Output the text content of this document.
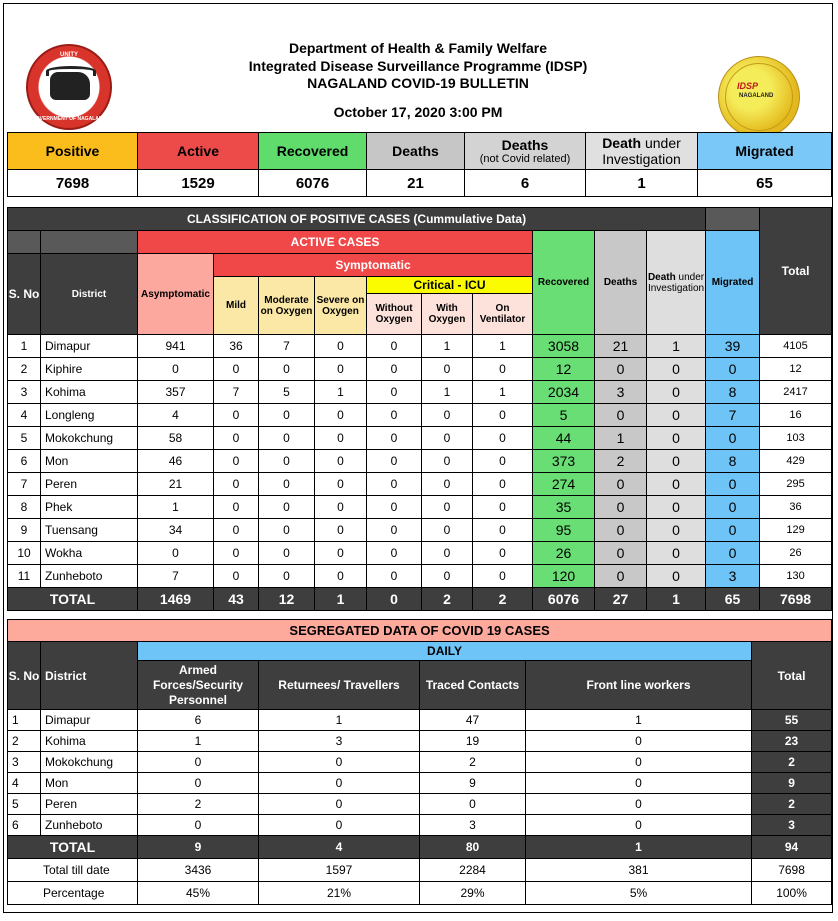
UNITY
GOVERNMENT OF NAGALAND
Department of Health & Family Welfare
Integrated Disease Surveillance Programme (IDSP)
NAGALAND COVID-19 BULLETIN
October 17, 2020 3:00 PM
IDSP
NAGALAND
Positive	Active	Recovered	Deaths	Deaths
(not Covid related)	Death under Investigation	Migrated
7698	1529	6076	21	6	1	65
CLASSIFICATION OF POSITIVE CASES (Cummulative Data)													Total
		ACTIVE CASES							Recovered	Deaths	Death under Investigation	Migrated	
S. No	District	Asymptomatic	Symptomatic										
			Mild	Moderate on Oxygen	Severe on Oxygen	Critical - ICU							
						Without Oxygen	With Oxygen	On Ventilator					
1	Dimapur	941	36	7	0	0	1	1	3058	21	1	39	4105
2	Kiphire	0	0	0	0	0	0	0	12	0	0	0	12
3	Kohima	357	7	5	1	0	1	1	2034	3	0	8	2417
4	Longleng	4	0	0	0	0	0	0	5	0	0	7	16
5	Mokokchung	58	0	0	0	0	0	0	44	1	0	0	103
6	Mon	46	0	0	0	0	0	0	373	2	0	8	429
7	Peren	21	0	0	0	0	0	0	274	0	0	0	295
8	Phek	1	0	0	0	0	0	0	35	0	0	0	36
9	Tuensang	34	0	0	0	0	0	0	95	0	0	0	129
10	Wokha	0	0	0	0	0	0	0	26	0	0	0	26
11	Zunheboto	7	0	0	0	0	0	0	120	0	0	3	130
TOTAL		1469	43	12	1	0	2	2	6076	27	1	65	7698
SEGREGATED DATA OF COVID 19 CASES						
S. No	District	DAILY				Total
		Armed Forces/Security Personnel	Returnees/ Travellers	Traced Contacts	Front line workers	
1	Dimapur	6	1	47	1	55
2	Kohima	1	3	19	0	23
3	Mokokchung	0	0	2	0	2
4	Mon	0	0	9	0	9
5	Peren	2	0	0	0	2
6	Zunheboto	0	0	3	0	3
TOTAL		9	4	80	1	94
Total till date		3436	1597	2284	381	7698
Percentage		45%	21%	29%	5%	100%
